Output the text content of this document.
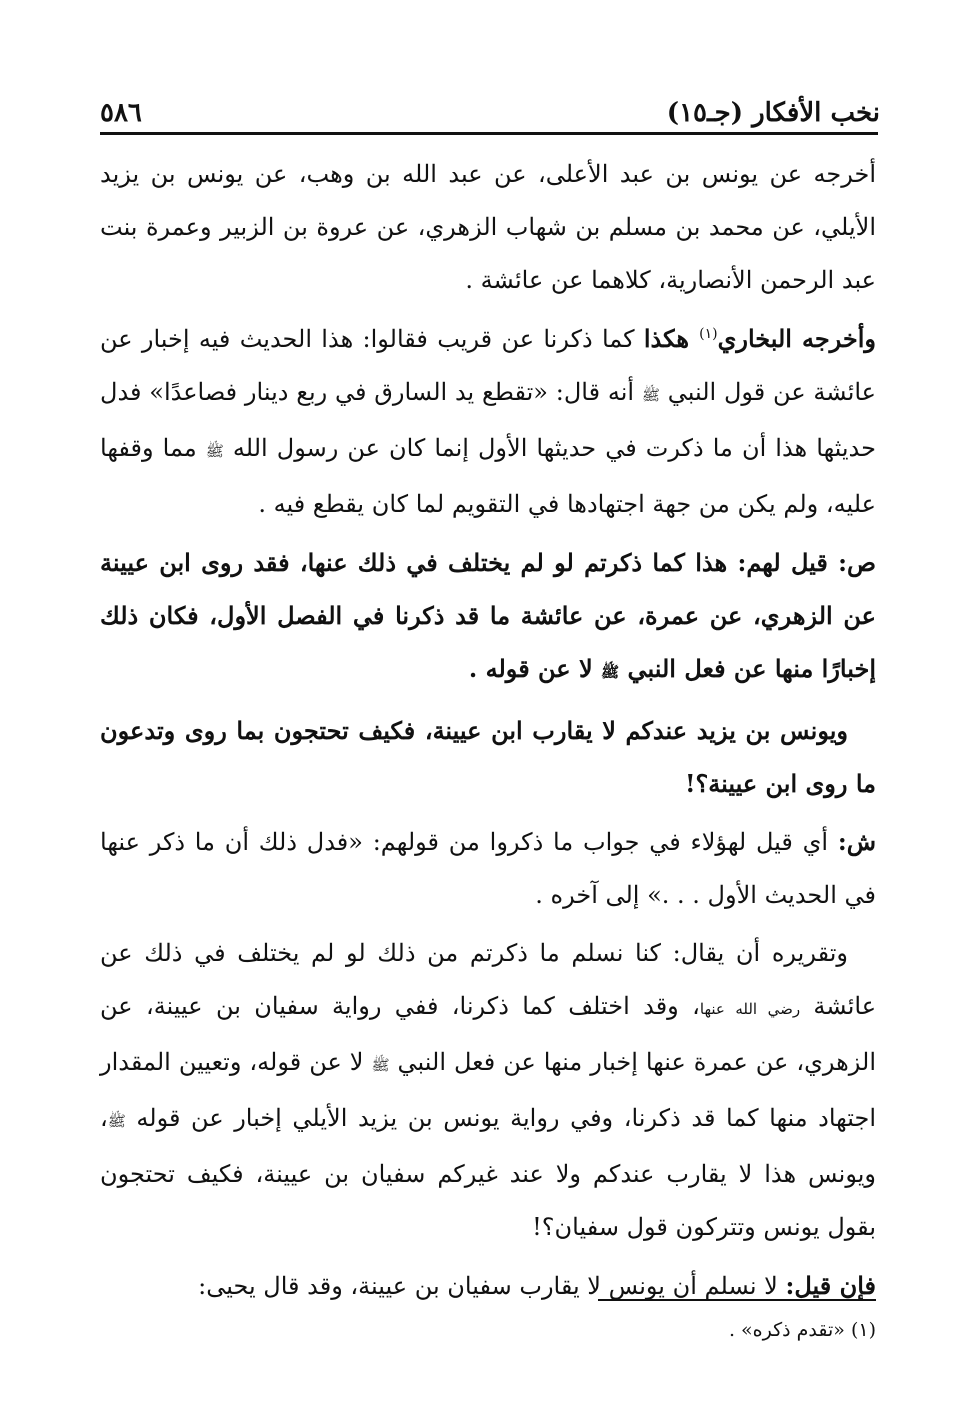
نخب الأفكار (جـ١٥)
٥٨٦

أخرجه عن يونس بن عبد الأعلى، عن عبد الله بن وهب، عن يونس بن يزيد الأيلي، عن محمد بن مسلم بن شهاب الزهري، عن عروة بن الزبير وعمرة بنت عبد الرحمن الأنصارية، كلاهما عن عائشة .

وأخرجه البخاري$^{(١)}$ هكذا كما ذكرنا عن قريب فقالوا: هذا الحديث فيه إخبار عن عائشة عن قول النبي ﷺ أنه قال: «تقطع يد السارق في ربع دينار فصاعدًا» فدل حديثها هذا أن ما ذكرت في حديثها الأول إنما كان عن رسول الله ﷺ مما وقفها عليه، ولم يكن من جهة اجتهادها في التقويم لما كان يقطع فيه .

ص: قيل لهم: هذا كما ذكرتم لو لم يختلف في ذلك عنها، فقد روى ابن عيينة عن الزهري، عن عمرة، عن عائشة ما قد ذكرنا في الفصل الأول، فكان ذلك إخبارًا منها عن فعل النبي ﷺ لا عن قوله .

ويونس بن يزيد عندكم لا يقارب ابن عيينة، فكيف تحتجون بما روى وتدعون ما روى ابن عيينة؟!

ش: أي قيل لهؤلاء في جواب ما ذكروا من قولهم: «فدل ذلك أن ما ذكر عنها في الحديث الأول . . .» إلى آخره .

وتقريره أن يقال: كنا نسلم ما ذكرتم من ذلك لو لم يختلف في ذلك عن عائشة رضي الله عنها، وقد اختلف كما ذكرنا، ففي رواية سفيان بن عيينة، عن الزهري، عن عمرة عنها إخبار منها عن فعل النبي ﷺ لا عن قوله، وتعيين المقدار اجتهاد منها كما قد ذكرنا، وفي رواية يونس بن يزيد الأيلي إخبار عن قوله ﷺ، ويونس هذا لا يقارب عندكم ولا عند غيركم سفيان بن عيينة، فكيف تحتجون بقول يونس وتتركون قول سفيان؟!

فإن قيل: لا نسلم أن يونس لا يقارب سفيان بن عيينة، وقد قال يحيى:

(١) «تقدم ذكره» .
